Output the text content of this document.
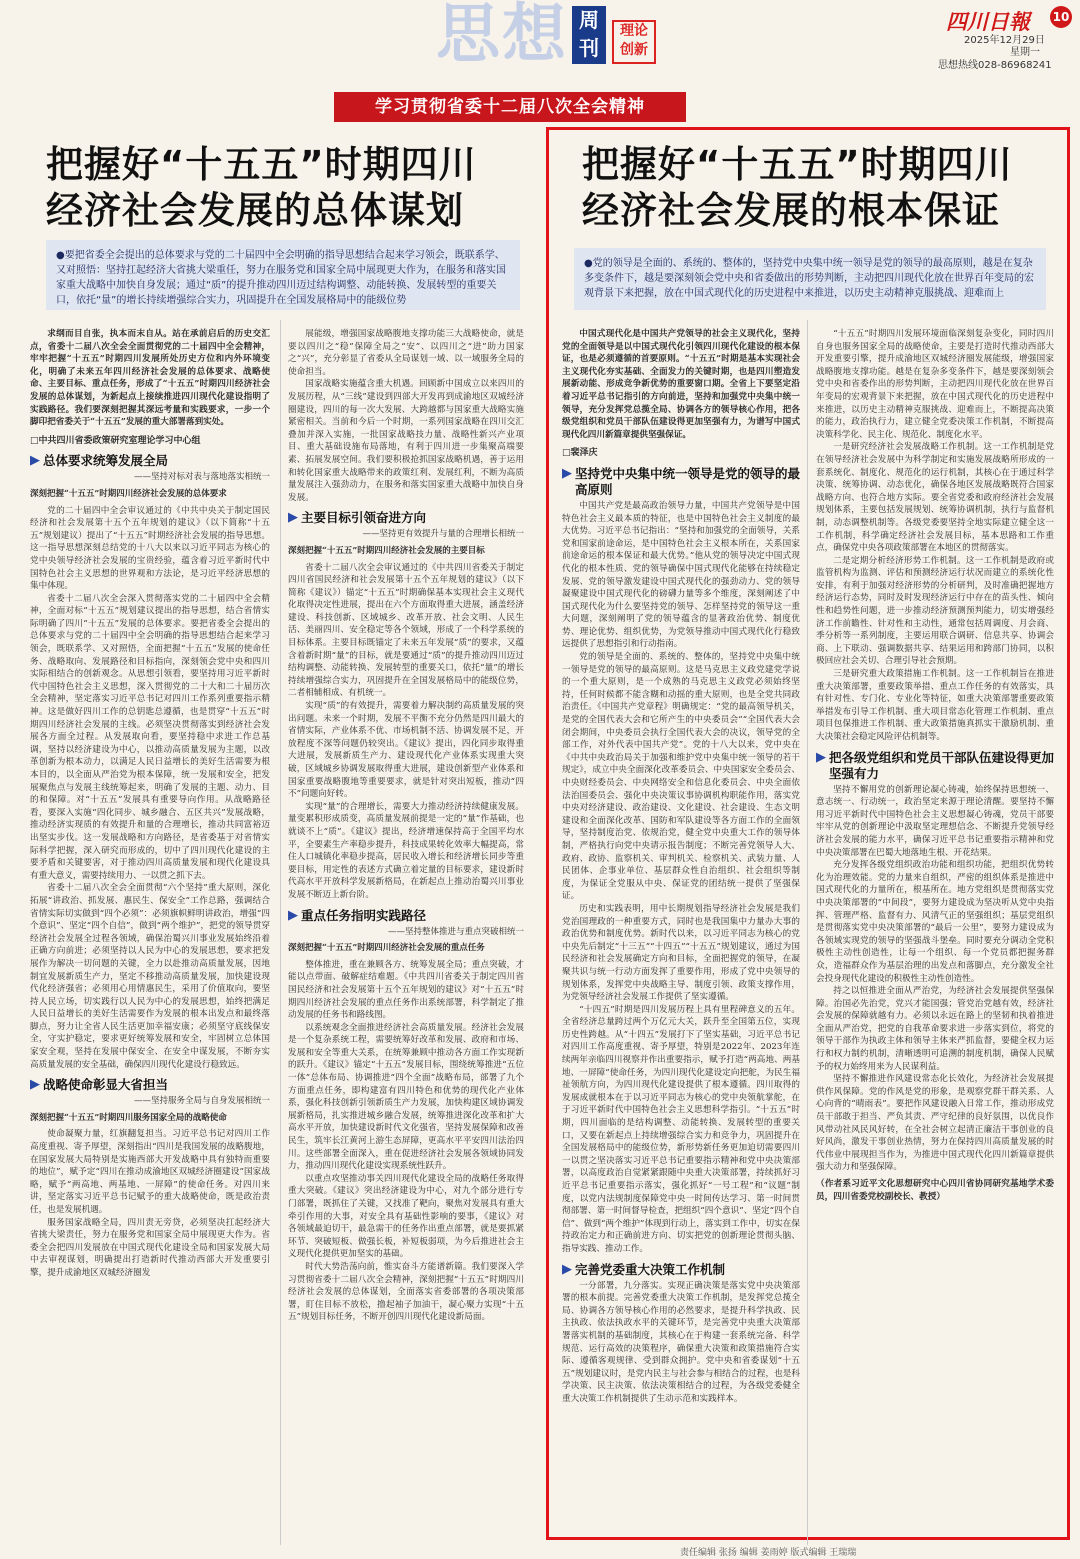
思想 周刊
理论创新
四川日報 10
2025年12月29日
星期一
思想热线028-86968241
学习贯彻省委十二届八次全会精神
把握好“十五五”时期四川
经济社会发展的总体谋划
●要把省委全会提出的总体要求与党的二十届四中全会明确的指导思想结合起来学习领会，既联系学、又对照悟：坚持扛起经济大省挑大梁重任，努力在服务党和国家全局中展现更大作为，在服务和落实国家重大战略中加快自身发展；通过“质”的提升推动四川迈过结构调整、动能转换、发展转型的重要关口，依托“量”的增长持续增强综合实力，巩固提升在全国发展格局中的能级位势
把握好“十五五”时期四川
经济社会发展的根本保证
●党的领导是全面的、系统的、整体的，坚持党中央集中统一领导是党的领导的最高原则，越是在复杂多变条件下，越是要深刻领会党中央和省委做出的形势判断，主动把四川现代化放在世界百年变局的宏观背景下来把握，放在中国式现代化的历史进程中来推进，以历史主动精神克服挑战、迎难而上

求纲而目自张，执本而末自从。站在承前启后的历史交汇点，省委十二届八次全会全面贯彻党的二十届四中全会精神，牢牢把握“十五五”时期四川发展所处历史方位和内外环境变化，明确了未来五年四川经济社会发展的总体要求、战略使命、主要目标、重点任务，形成了“十五五”时期四川经济社会发展的总体谋划，为新起点上接续推进四川现代化建设指明了实践路径。我们要深刻把握其深远考量和实践要求，一步一个脚印把省委关于“十五五”发展的重大部署落到实处。

□中共四川省委政策研究室理论学习中心组

▶ 总体要求统筹发展全局

——坚持对标对表与落地落实相统一

深刻把握“十五五”时期四川经济社会发展的总体要求

党的二十届四中全会审议通过的《中共中央关于制定国民经济和社会发展第十五个五年规划的建议》（以下简称“十五五”规划建议）提出了“十五五”时期经济社会发展的指导思想。这一指导思想深刻总结党的十八大以来以习近平同志为核心的党中央领导经济社会发展的宝贵经验，蕴含着习近平新时代中国特色社会主义思想的世界观和方法论，是习近平经济思想的集中体现。

省委十二届八次全会深入贯彻落实党的二十届四中全会精神，全面对标“十五五”规划建议提出的指导思想，结合省情实际明确了四川“十五五”发展的总体要求。要把省委全会提出的总体要求与党的二十届四中全会明确的指导思想结合起来学习领会，既联系学、又对照悟，全面把握“十五五”发展的使命任务、战略取向、发展路径和目标指向，深刻领会党中央和四川实际相结合的创新观念。从思想引领看，要坚持用习近平新时代中国特色社会主义思想，深入贯彻党的二十大和二十届历次全会精神，坚定落实习近平总书记对四川工作系列重要指示精神。这是做好四川工作的总钥匙总遵循，也是贯穿“十五五”时期四川经济社会发展的主线。必须坚决贯彻落实到经济社会发展各方面全过程。从发展取向看，要坚持稳中求进工作总基调，坚持以经济建设为中心，以推动高质量发展为主题，以改革创新为根本动力，以满足人民日益增长的美好生活需要为根本目的，以全面从严治党为根本保障，统一发展和安全，把发展聚焦点与发展主线统筹起来，明确了发展的主题、动力、目的和保障。对“十五五”发展具有重要导向作用。从战略路径看，要深入实施“四化同步、城乡融合、五区共兴”发展战略，推动经济实现质的有效提升和量的合理增长，推动共同富裕迈出坚实步伐。这一发展战略和方向路径，是省委基于对省情实际科学把握，深入研究而形成的，切中了四川现代化建设的主要矛盾和关键要害，对于推动四川高质量发展和现代化建设具有重大意义，需要持续用力、一以贯之抓下去。

省委十二届八次全会全面贯彻“六个坚持”重大原则，深化拓展“讲政治、抓发展、惠民生、保安全”工作总路，强调结合省情实际切实做到“四个必须”：必须旗帜鲜明讲政治，增强“四个意识”、坚定“四个自信”，做到“两个维护”，把党的领导贯穿经济社会发展全过程各领域，确保治蜀兴川事业发展始终沿着正确方向前进；必须坚持以人民为中心的发展思想，要求把发展作为解决一切问题的关键，全力以赴推动高质量发展，因地制宜发展新质生产力，坚定不移推动高质量发展，加快建设现代化经济强省；必须用心用情惠民生，采用了价值取向，要坚持人民立场，切实践行以人民为中心的发展思想，始终把满足人民日益增长的美好生活需要作为发展的根本出发点和最终落脚点，努力让全省人民生活更加幸福安康；必须坚守底线保安全，守实护稳定，要求更好统筹发展和安全，牢固树立总体国家安全观，坚持在发展中保安全、在安全中谋发展，不断夯实高质量发展的安全基础，确保四川现代化建设行稳致远。

▶ 战略使命彰显大省担当

——坚持服务全局与自身发展相统一

深刻把握“十五五”时期四川服务国家全局的战略使命

使命凝聚力量，红旗翻复担当。习近平总书记对四川工作高度重视、寄予厚望，深刻指出“四川是我国发展的战略腹地，在国家发展大局特别是实施西部大开发战略中具有独特而重要的地位”，赋予定“四川在推动成渝地区双城经济圈建设”国家战略，赋予“两高地、两基地、一屏障”的使命任务。对四川来讲，坚定落实习近平总书记赋予的重大战略使命，既是政治责任，也是发展机遇。

服务国家战略全局，四川责无旁贷，必须坚决扛起经济大省挑大梁责任，努力在服务党和国家全局中展现更大作为。省委全会把四川发展放在中国式现代化建设全局和国家发展大局中去审视谋划，明确提出打造新时代推动西部大开发重要引擎，提升成渝地区双城经济圈发

展能级，增强国家战略腹地支撑功能三大战略使命，就是要以四川之“稳”保障全局之“安”、以四川之“进”助力国家之“兴”，充分彰显了省委从全局谋划一域、以一域服务全局的使命担当。

国家战略实施蕴含重大机遇。回顾新中国成立以来四川的发展历程，从“三线”建设到四部大开发再到成渝地区双城经济圈建设，四川的每一次大发展、大跨越都与国家重大战略实施紧密相关。当前和今后一个时期，一系列国家战略在四川交汇叠加并深入实施，一批国家战略技力量、战略性新兴产业项目、重大基础设施布局落地，有利于四川进一步集聚高端要素、拓展发展空间。我们要积极抢抓国家战略机遇，善于运用和转化国家重大战略带来的政策红利、发展红利，不断为高质量发展注入强劲动力，在服务和落实国家重大战略中加快自身发展。

▶ 主要目标引领奋进方向

——坚持更有效提升与量的合理增长相统一

深刻把握“十五五”时期四川经济社会发展的主要目标

省委十二届八次全会审议通过的《中共四川省委关于制定四川省国民经济和社会发展第十五个五年规划的建议》（以下简称《建议》）锚定“十五五”时期确保基本实现社会主义现代化取得决定性进展，提出在六个方面取得重大进展，涵盖经济建设、科技创新、区域城乡、改革开放、社会文明、人民生活、美丽四川、安全稳定等各个领域，形成了一个科学系统的目标体系。主要目标既锚定了未来五年发展“质”的要求，又蕴含着新时期“量”的目标，就是要通过“质”的提升推动四川迈过结构调整、动能转换、发展转型的重要关口，依托“量”的增长持续增强综合实力，巩固提升在全国发展格局中的能级位势，二者相辅相成、有机统一。

实现“质”的有效提升，需要着力解决制约高质量发展的突出问题。未来一个时期，发展不平衡不充分仍然是四川最大的省情实际，产业体系不优、市场机制不活、协调发展不足，开放程度不深等问题仍较突出。《建议》提出，四化同步取得重大进展，发展新质生产力、建设现代化产业体系实现重大突破，区域城乡协调发展取得重大进展，建设创新型产业体系和国家重要战略腹地等重要要求，就是针对突出短板，推动“四不”问题向好转。

实现“量”的合理增长，需要大力推动经济持续健康发展。量变累积形成质变，高质量发展前提是一定的“量”作基础，也就谈不上“质”。《建议》提出，经济增速保持高于全国平均水平，全要素生产率稳步提升，科技成果转化效率大幅提高，常住人口城镇化率稳步提高，居民收入增长和经济增长同步等重要目标，用定性的表述方式确立着定量的目标要求，建设新时代高水平开放科学发展新格局，在新起点上推动治蜀兴川事业发展不断迈上新台阶。

▶ 重点任务指明实践路径

——坚持整体推进与重点突破相统一

深刻把握“十五五”时期四川经济社会发展的重点任务

整体推进，重在兼顾各方、统筹发展全局；重点突破，才能以点带面、破解症结难题。《中共四川省委关于制定四川省国民经济和社会发展第十五个五年规划的建议》对“十五五”时期四川经济社会发展的重点任务作出系统部署，科学制定了推动发展的任务书和路线图。

以系统观念全面推进经济社会高质量发展。经济社会发展是一个复杂系统工程，需要统筹好改革和发展、政府和市场、发展和安全等重大关系，在统筹兼顾中推动各方面工作实现新的跃升。《建议》锚定“十五五”发展目标，围绕统筹推进“五位一体”总体布局、协调推进“四个全面”战略布局，部署了九个方面重点任务，即构建富有四川特色和优势的现代化产业体系，强化科技创新引领新质生产力发展，加快构建区域协调发展新格局，扎实推进城乡融合发展，统筹推进深化改革和扩大高水平开放，加快建设新时代文化强省，坚持发展保障和改善民生，筑牢长江黄河上游生态屏障，更高水平平安四川法治四川。这些部署全面深入，重在促进经济社会发展各领域协同发力，推动四川现代化建设实现系统性跃升。

以重点攻坚推动事关四川现代化建设全局的战略任务取得重大突破。《建议》突出经济建设为中心，对九个部分进行专门部署，既抓住了关键，又找准了靶向，聚焦对发展具有重大牵引作用的大事，对安全具有基础性影响的要事，《建议》对各领域最迫切干，最急需干的任务作出重点部署，就是要抓紧环节、突破短板、做强长板，补短板弱项，为今后推进社会主义现代化提供更加坚实的基础。

时代大势浩荡向前，惟实奋斗方能谱新篇。我们要深入学习贯彻省委十二届八次全会精神，深刻把握“十五五”时期四川经济社会发展的总体谋划，全面落实省委部署的各项决策部署，盯住目标不放松，撸起袖子加油干，凝心聚力实现“十五五”规划目标任务，不断开创四川现代化建设新局面。

中国式现代化是中国共产党领导的社会主义现代化，坚持党的全面领导是以中国式现代化引领四川现代化建设的根本保证，也是必须遵循的首要原则。“十五五”时期是基本实现社会主义现代化夯实基础、全面发力的关键时期，也是四川塑造发展新动能、形成竞争新优势的重要窗口期。全省上下要坚定沿着习近平总书记指引的方向前进，坚持和加强党中央集中统一领导，充分发挥党总揽全局、协调各方的领导核心作用，把各级党组织和党员干部队伍建设得更加坚强有力，为谱写中国式现代化四川新篇章提供坚强保证。

□裴泽庆

▶ 坚持党中央集中统一领导是党的领导的最高原则

中国共产党是最高政治领导力量，中国共产党领导是中国特色社会主义最本质的特征，也是中国特色社会主义制度的最大优势。习近平总书记指出：“坚持和加强党的全面领导，关系党和国家前途命运，是中国特色社会主义根本所在，关系国家前途命运的根本保证和最大优势。”他从党的领导决定中国式现代化的根本性质、党的领导确保中国式现代化能够在持续稳定发展、党的领导激发建设中国式现代化的强劲动力、党的领导凝聚建设中国式现代化的磅礴力量等多个维度，深刻阐述了中国式现代化为什么要坚持党的领导、怎样坚持党的领导这一重大问题，深刻阐明了党的领导蕴含的显著政治优势、制度优势、理论优势、组织优势，为党领导推动中国式现代化行稳致远提供了思想指引和行动指南。

党的领导是全面的、系统的、整体的，坚持党中央集中统一领导是党的领导的最高原则。这是马克思主义政党建党学说的一个重大原则，是一个成熟的马克思主义政党必须始终坚持，任何时候都不能含糊和动摇的重大原则，也是全党共同政治责任。《中国共产党章程》明确规定：“党的最高领导机关，是党的全国代表大会和它所产生的中央委员会”“全国代表大会闭会期间，中央委员会执行全国代表大会的决议，领导党的全部工作，对外代表中国共产党”。党的十八大以来，党中央在《中共中央政治局关于加强和维护党中央集中统一领导的若干规定》，成立中央全面深化改革委员会、中央国家安全委员会、中央财经委员会、中央网络安全和信息化委员会、中央全面依法治国委员会、强化中央决策议事协调机构职能作用，落实党中央对经济建设、政治建设、文化建设、社会建设、生态文明建设和全面深化改革、国防和军队建设等各方面工作的全面领导，坚持制度治党、依规治党，健全党中央重大工作的领导体制，严格执行向党中央请示报告制度；不断完善党领导人大、政府、政协、监察机关、审判机关、检察机关、武装力量、人民团体、企事业单位、基层群众性自治组织、社会组织等制度，为保证全党服从中央、保证党的团结统一提供了坚强保证。

历史和实践表明，用中长期规划指导经济社会发展是我们党治国理政的一种重要方式，同时也是我国集中力量办大事的政治优势和制度优势。新时代以来，以习近平同志为核心的党中央先后制定“十三五”“十四五”“十五五”规划建议，通过为国民经济和社会发展确定方向和目标，全面把握党的领导，在凝聚共识与统一行动方面发挥了重要作用，形成了党中央领导的规划体系，发挥党中央战略主导、制度引领、政策支撑作用，为党领导经济社会发展工作提供了坚实遵循。

“十四五”时期是四川发展历程上具有里程碑意义的五年。全省经济总量跨过两个万亿元大关，跃升至全国第五位，实现历史性跨越。从“十四五”发展打下了坚实基础，习近平总书记对四川工作高度重视、寄予厚望，特别是2022年、2023年连续两年亲临四川视察并作出重要指示，赋予打造“两高地、两基地、一屏障”使命任务，为四川现代化建设定向把舵，为民生福祉领航方向，为四川现代化建设提供了根本遵循。四川取得的发展成就根本在于以习近平同志为核心的党中央领航掌舵，在于习近平新时代中国特色社会主义思想科学指引。“十五五”时期，四川面临的是结构调整、动能转换、发展转型的重要关口，又要在新起点上持续增强综合实力和竞争力，巩固提升在全国发展格局中的能级位势，新形势新任务更加迫切需要四川一以贯之坚决落实习近平总书记重要指示精神和党中央决策部署，以高度政治自觉紧紧跟随中央重大决策部署，持续抓好习近平总书记重要指示落实，强化抓好“一号工程”和“议题”制度，以党内法规制度保障党中央一时间传达学习、第一时间贯彻部署、第一时间督导检查，把组织“四个意识”、坚定“四个自信”、做到“两个维护”体现到行动上，落实到工作中，切实在保持政治定力和正确前进方向、切实把党的创新理论贯彻头脑、指导实践、推动工作。

▶ 完善党委重大决策工作机制

一分部署，九分落实。实现正确决策是落实党中央决策部署的根本前提。完善党委重大决策工作机制，是发挥党总揽全局、协调各方领导核心作用的必然要求，是提升科学执政、民主执政、依法执政水平的关键环节，是完善党中央重大决策部署落实机制的基础制度，其核心在于构建一套系统完备、科学规范、运行高效的决策程序，确保重大决策和政策措施符合实际、遵循客观规律、受到群众拥护。党中央和省委谋划“十五五”规划建议时，是党内民主与社会参与相结合的过程，也是科学决策、民主决策、依法决策相结合的过程，为各级党委健全重大决策工作机制提供了生动示范和实践样本。

“十五五”时期四川发展环境面临深刻复杂变化，同时四川自身也服务国家全局的战略使命，主要是打造时代推动西部大开发重要引擎，提升成渝地区双城经济圈发展能级，增强国家战略腹地支撑功能。越是在复杂多变条件下，越是要深刻领会党中央和省委作出的形势判断，主动把四川现代化放在世界百年变局的宏观背景下来把握，放在中国式现代化的历史进程中来推进，以历史主动精神克服挑战、迎难而上，不断提高决策的能力，政治执行力，建立健全党委决策工作机制，不断提高决策科学化、民主化、规范化、制度化水平。

一是研究经济社会发展战略工作机制。这一工作机制是党在领导经济社会发展中为科学制定和实施发展战略所形成的一套系统化、制度化、规范化的运行机制，其核心在于通过科学决策、统筹协调、动态优化，确保各地区发展战略既符合国家战略方向、也符合地方实际。要全省党委和政府经济社会发展规划体系，主要包括发展规划、统筹协调机制，执行与监督机制，动态调整机制等。各级党委要坚持全地实际建立健全这一工作机制，科学确定经济社会发展目标，基本思路和工作重点，确保党中央各项政策部署在本地区的贯彻落实。

二是定期分析经济形势工作机制。这一工作机制是政府或监管机构为监测、评估和预测经济运行状况而建立的系统化性安排，有利于加强对经济形势的分析研判，及时准确把握地方经济运行态势，同时及时发现经济运行中存在的苗头性、倾向性和趋势性问题，进一步推动经济预测预判能力，切实增强经济工作前瞻性、针对性和主动性，通常包括周调度、月会商、季分析等一系列制度，主要运用联合调研、信息共享、协调会商、上下联动、强调数据共享、结果运用和跨部门协同，以积极回应社会关切、合理引导社会预期。

三是研究重大政策措施工作机制。这一工作机制旨在推进重大决策部署，重要政策举措、重点工作任务的有效落实，具有针对性、专门化、专业化等特征，如重大决策部署重要政策举措发布引导工作机制、重大项目常态化管理工作机制、重点项目包保推进工作机制、重大政策措施真抓实干激励机制、重大决策社会稳定风险评估机制等。

▶ 把各级党组织和党员干部队伍建设得更加坚强有力

坚持不懈用党的创新理论凝心铸魂，始终保持思想统一、意志统一、行动统一，政治坚定来源于理论清醒。要坚持不懈用习近平新时代中国特色社会主义思想凝心铸魂，党员干部要牢牢从党的创新理论中汲取坚定理想信念、不断提升党领导经济社会发展的能力水平，确保习近平总书记重要指示精神和党中央决策部署在巴蜀大地落地生根、开花结果。

充分发挥各级党组织政治功能和组织功能，把组织优势转化为治理效能。党的力量来自组织，严密的组织体系是推进中国式现代化的力量所在，根基所在。地方党组织是贯彻落实党中央决策部署的“中间段”，要努力建设成为坚决听从党中央指挥、管理严格、监督有力、风清气正的坚强组织；基层党组织是贯彻落实党中央决策部署的“最后一公里”，要努力建设成为各领域实现党的领导的坚强战斗堡垒。同时要充分调动全党积极性主动性创造性，让每一个组织、每一个党员都把握务群众，造福群众作为基层治理的出发点和落脚点，充分激发全社会投身现代化建设的积极性主动性创造性。

持之以恒推进全面从严治党，为经济社会发展提供坚强保障。治国必先治党，党兴才能国强；管党治党越有效，经济社会发展的保障就越有力。必须以永远在路上的坚韧和执着推进全面从严治党，把党的自我革命要求进一步落实到位，将党的领导干部作为执政主体和领导主体来严抓监督，要健全权力运行和权力制约机制，清晰透明可追溯的制度机制，确保人民赋予的权力始终用来为人民谋利益。

坚持不懈推进作风建设常态化长效化，为经济社会发展提供作风保障。党的作风是党的形象，是观察党群干群关系、人心向背的“晴雨表”。要把作风建设融入日常工作，推动形成党员干部敢于担当、严负其责、严守纪律的良好氛围，以优良作风带动社风民风好转，在全社会树立起清正廉洁干事创业的良好风尚，激发干事创业热情，努力在保持四川高质量发展的时代伟业中展现担当作为，为推进中国式现代化四川新篇章提供强大动力和坚强保障。

（作者系习近平文化思想研究中心四川省协同研究基地学术委员，四川省委党校副校长、教授）

责任编辑 张扬 编辑 姜雨婷 版式编辑 王瑞瑞
